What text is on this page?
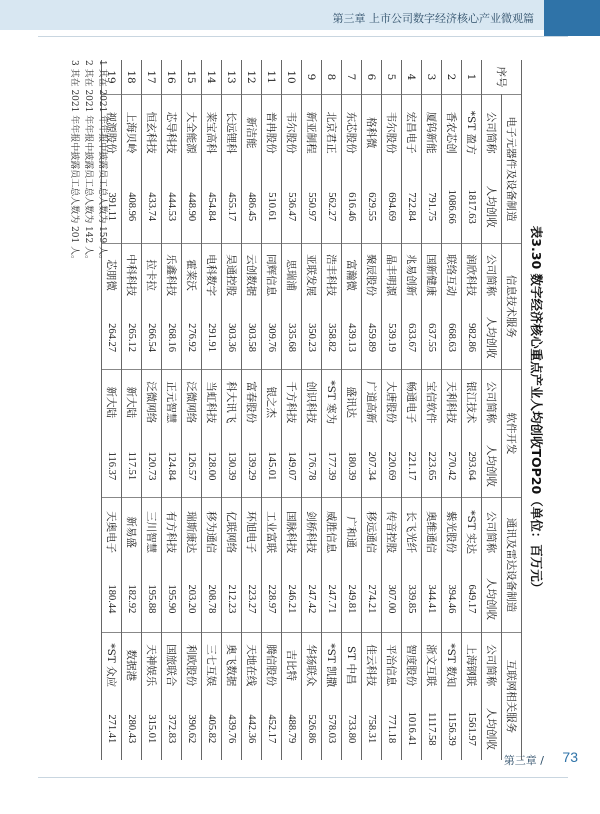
第三章 上市公司数字经济核心产业微观篇
表3.30 数字经济核心重点产业人均创收TOP20（单位：百万元）
序号	电子元器件及设备制造		信息技术服务		软件开发		通讯及雷达设备制造		互联网相关服务	
	公司简称	人均创收	公司简称	人均创收	公司简称	人均创收	公司简称	人均创收	公司简称	人均创收
1	*ST 盈方	1817.63	润欣科技	982.86	银江技术	293.64	*ST 实达	649.17	上海钢联	1561.97
2	香农芯创	1086.66	联络互动	668.63	天利科技	270.42	紫光股份	394.46	*ST 数知	1156.39
3	厦钨新能	791.75	国新健康	637.55	宝信软件	223.65	奥维通信	344.41	浙文互联	1117.58
4	宏昌电子	722.84	兆易创新	633.67	畅通电子	221.17	长飞光纤	339.85	智度股份	1016.41
5	韦尔股份	694.69	晶丰明源	539.19	大唐股份	220.69	传音控股	307.00	平治信息	771.18
6	格科微	629.55	聚辰股份	459.89	广道高新	207.34	移远通信	274.21	佳云科技	758.31
7	东芯股份	616.46	富瀚微	439.13	盛讯达	180.39	广和通	249.81	ST 中昌	733.80
8	北京君正	562.27	浩丰科技	358.82	*ST 寒为	177.39	威胜信息	247.71	*ST 凯撒	578.03
9	新亚制程	550.97	亚联发展	350.23	创识科技	176.78	剑桥科技	247.42	华扬联众	526.86
10	韦尔股份	536.47	思瑞浦	335.68	千方科技	149.07	国脉科技	246.21	吉比特	488.79
11	普冉股份	510.61	同辉信息	309.76	银之杰	145.01	工业富联	228.97	腾信股份	452.17
12	新洁能	486.45	云创数据	303.58	富春股份	139.29	环旭电子	223.27	天地在线	442.36
13	长远锂科	455.17	昊通控股	303.36	科大讯飞	130.39	亿联网络	212.23	奥飞数据	439.76
14	莱宝高科	454.84	电科数字	291.91	当虹科技	128.00	移为通信	208.78	三七互娱	405.82
15	大全能源	448.90	霍莱沃	276.92	泛微网络	126.57	瑞斯康达	203.20	利欧股份	390.62
16	芯导科技	444.53	乐鑫科技	268.16	正元智慧	124.84	有方科技	195.90	国旅联合	372.83
17	恒玄科技	433.74	拉卡拉	266.54	泛微网络	120.73	三川智慧	195.88	天神娱乐	315.01
18	上海贝岭	408.96	中科科技	265.12	新大陆	117.51	新易盛	182.92	数据港	280.43
19	视源股份	391.11	芯朋微	264.27	新大陆	116.37	天奥电子	180.44	*ST 众应	271.41
1 其在 2021 年年报中披露员工总人数为 159 人。
2 其在 2021 年年报中披露员工总人数为 142 人。
3 其在 2021 年年报中披露员工总人数为 201 人。
第三章 / 73
